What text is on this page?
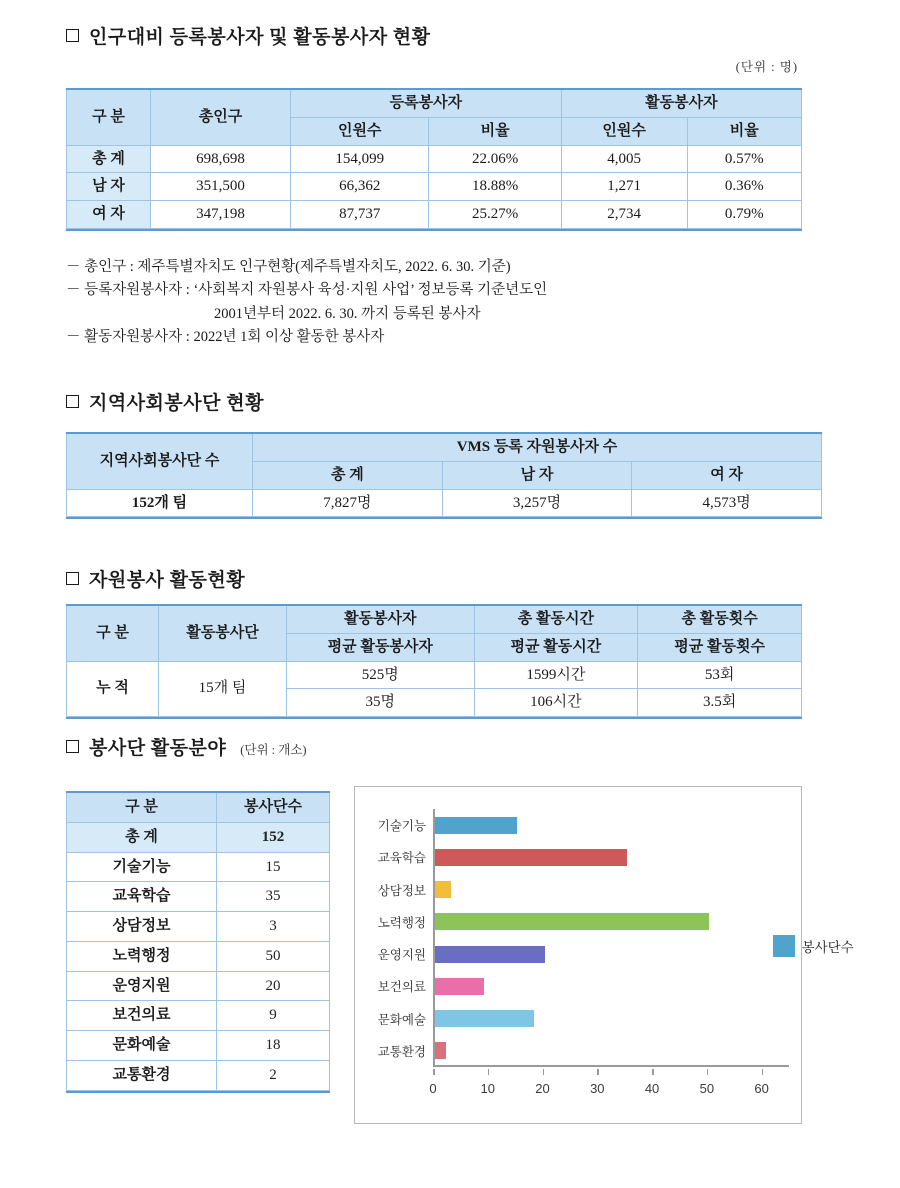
인구대비 등록봉사자 및 활동봉사자 현황
(단위 : 명)
구 분	총인구	등록봉사자		활동봉사자	
		인원수	비율	인원수	비율
총 계	698,698	154,099	22.06%	4,005	0.57%
남 자	351,500	66,362	18.88%	1,271	0.36%
여 자	347,198	87,737	25.27%	2,734	0.79%
－ 총인구 : 제주특별자치도 인구현황(제주특별자치도, 2022. 6. 30. 기준)
－ 등록자원봉사자 : ‘사회복지 자원봉사 육성·지원 사업’ 정보등록 기준년도인
2001년부터 2022. 6. 30. 까지 등록된 봉사자
－ 활동자원봉사자 : 2022년 1회 이상 활동한 봉사자
지역사회봉사단 현황
지역사회봉사단 수	VMS 등록 자원봉사자 수		
	총 계	남 자	여 자
152개 팀	7,827명	3,257명	4,573명
자원봉사 활동현황
구 분	활동봉사단	활동봉사자	총 활동시간	총 활동횟수
		평균 활동봉사자	평균 활동시간	평균 활동횟수
누 적	15개 팀	525명	1599시간	53회
		35명	106시간	3.5회
봉사단 활동분야 (단위 : 개소)
구 분	봉사단수
총 계	152
기술기능	15
교육학습	35
상담정보	3
노력행정	50
운영지원	20
보건의료	9
문화예술	18
교통환경	2
기술기능
교육학습
상담정보
노력행정
운영지원
보건의료
문화예술
교통환경
0	10	20	30	40	50	60
봉사단수
